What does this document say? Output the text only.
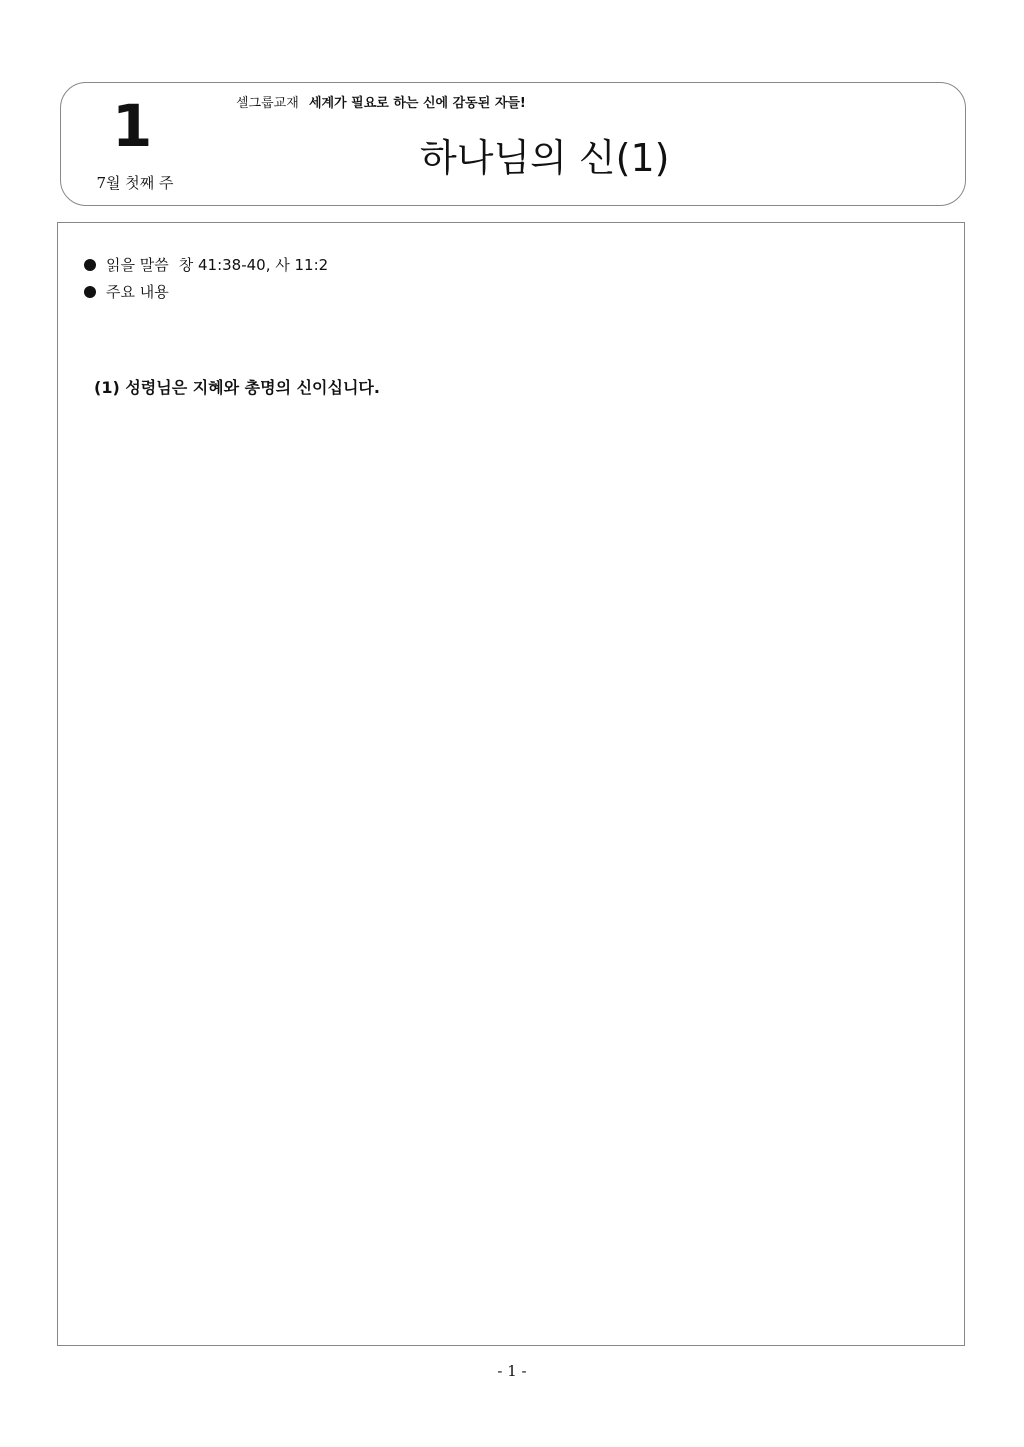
1
7월 첫째 주
셀그룹교재 세계가 필요로 하는 신에 감동된 자들!
하나님의 신(1)
읽을 말씀 창 41:38-40, 사 11:2
주요 내용

(1) 성령님은 지혜와 총명의 신이십니다.

- 1 -
